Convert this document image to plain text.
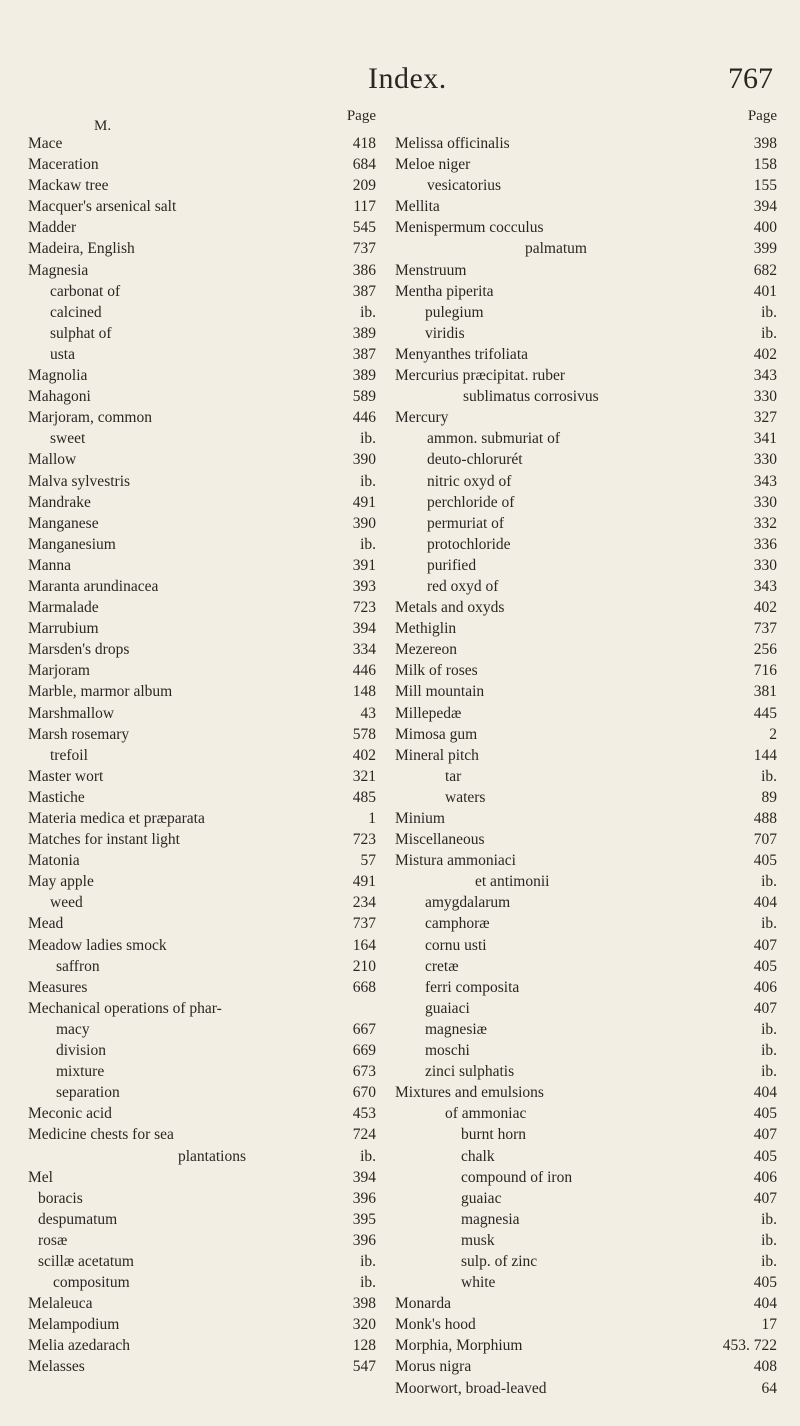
Index.	767
Page
M.
Mace	418
Maceration	684
Mackaw tree	209
Macquer's arsenical salt	117
Madder	545
Madeira, English	737
Magnesia	386
carbonat of	387
calcined	ib.
sulphat of	389
usta	387
Magnolia	389
Mahagoni	589
Marjoram, common	446
sweet	ib.
Mallow	390
Malva sylvestris	ib.
Mandrake	491
Manganese	390
Manganesium	ib.
Manna	391
Maranta arundinacea	393
Marmalade	723
Marrubium	394
Marsden's drops	334
Marjoram	446
Marble, marmor album	148
Marshmallow	43
Marsh rosemary	578
trefoil	402
Master wort	321
Mastiche	485
Materia medica et præparata	1
Matches for instant light	723
Matonia	57
May apple	491
weed	234
Mead	737
Meadow ladies smock	164
saffron	210
Measures	668
Mechanical operations of phar-
macy	667
division	669
mixture	673
separation	670
Meconic acid	453
Medicine chests for sea	724
plantations	ib.
Mel	394
boracis	396
despumatum	395
rosæ	396
scillæ acetatum	ib.
compositum	ib.
Melaleuca	398
Melampodium	320
Melia azedarach	128
Melasses	547
Page
Melissa officinalis	398
Meloe niger	158
vesicatorius	155
Mellita	394
Menispermum cocculus	400
palmatum	399
Menstruum	682
Mentha piperita	401
pulegium	ib.
viridis	ib.
Menyanthes trifoliata	402
Mercurius præcipitat. ruber	343
sublimatus corrosivus	330
Mercury	327
ammon. submuriat of	341
deuto-chlorurét	330
nitric oxyd of	343
perchloride of	330
permuriat of	332
protochloride	336
purified	330
red oxyd of	343
Metals and oxyds	402
Methiglin	737
Mezereon	256
Milk of roses	716
Mill mountain	381
Millepedæ	445
Mimosa gum	2
Mineral pitch	144
tar	ib.
waters	89
Minium	488
Miscellaneous	707
Mistura ammoniaci	405
et antimonii	ib.
amygdalarum	404
camphoræ	ib.
cornu usti	407
cretæ	405
ferri composita	406
guaiaci	407
magnesiæ	ib.
moschi	ib.
zinci sulphatis	ib.
Mixtures and emulsions	404
of ammoniac	405
burnt horn	407
chalk	405
compound of iron	406
guaiac	407
magnesia	ib.
musk	ib.
sulp. of zinc	ib.
white	405
Monarda	404
Monk's hood	17
Morphia, Morphium	453. 722
Morus nigra	408
Moorwort, broad-leaved	64
